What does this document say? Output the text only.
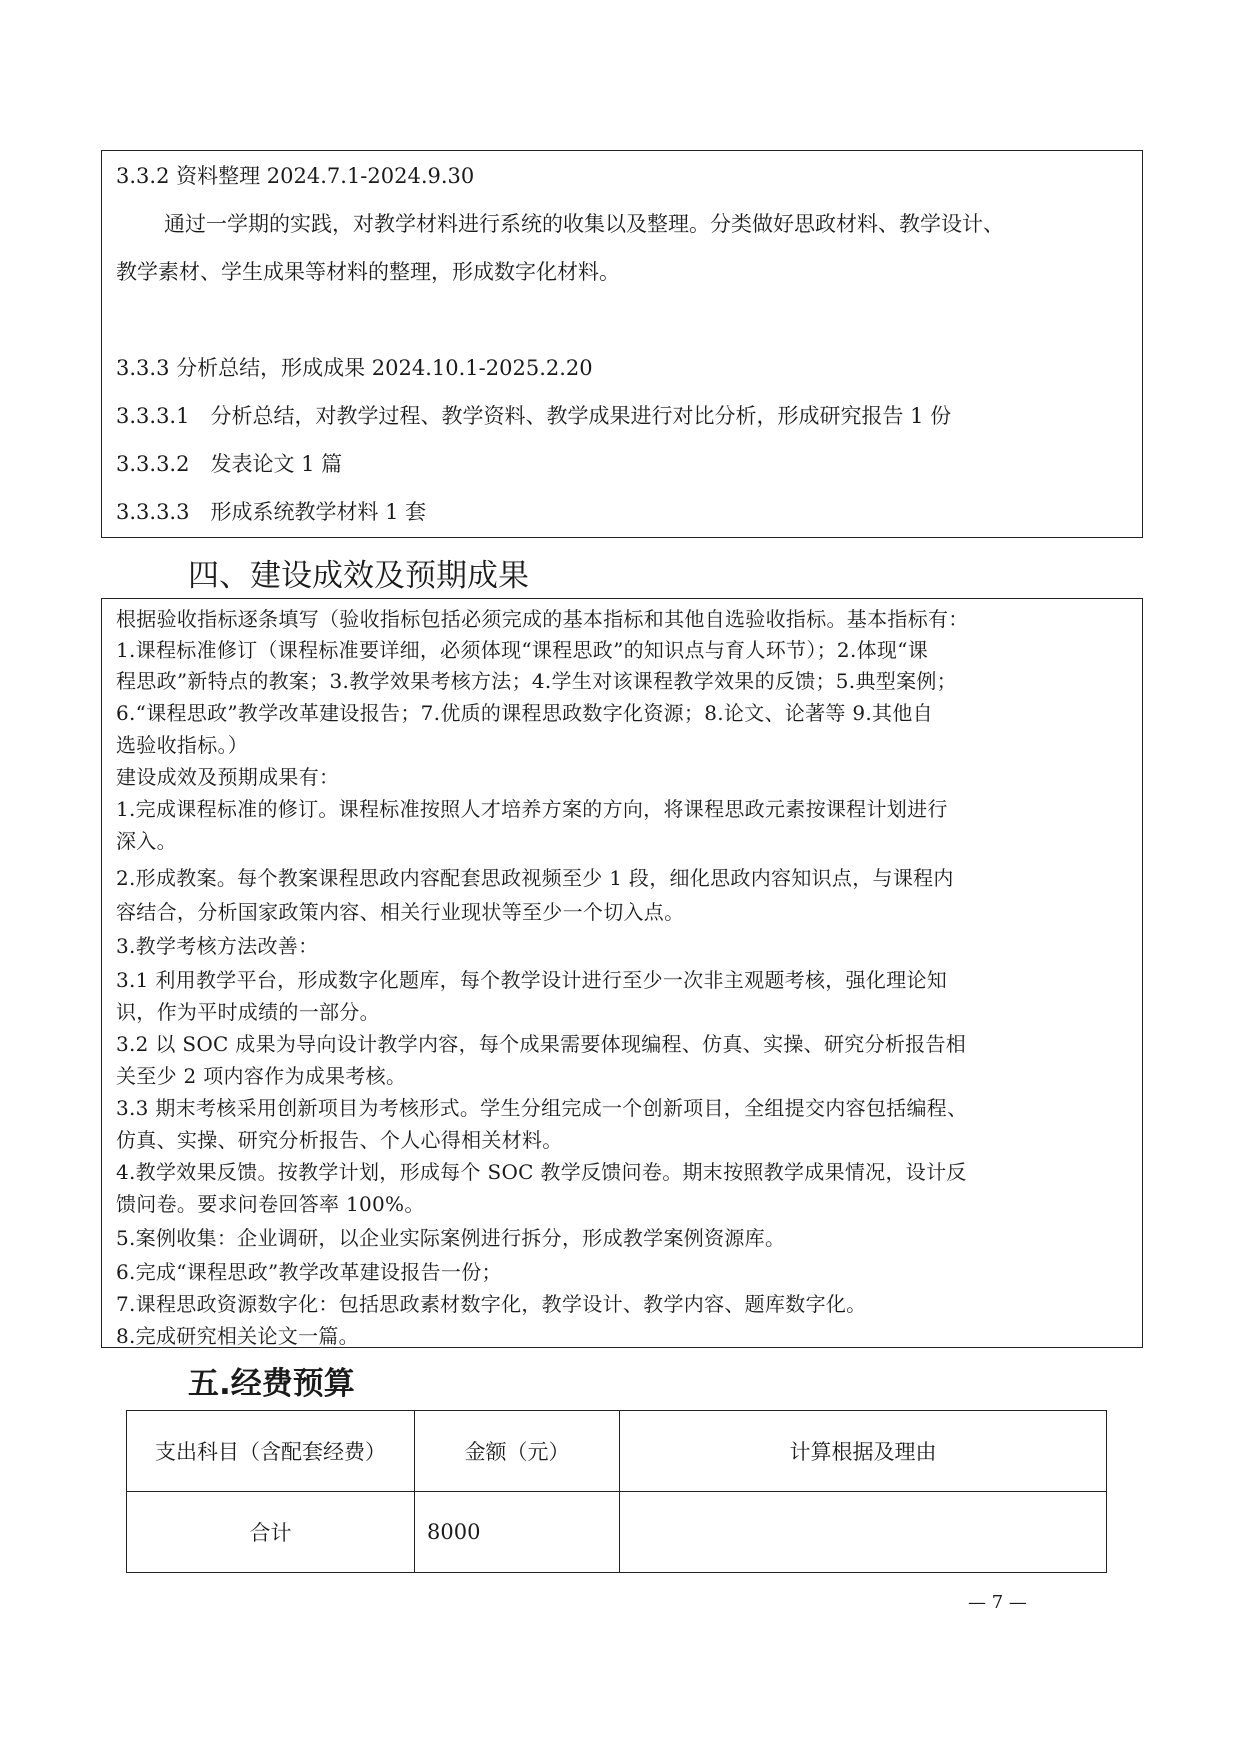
3.3.2 资料整理 2024.7.1-2024.9.30
通过一学期的实践，对教学材料进行系统的收集以及整理。分类做好思政材料、教学设计、
教学素材、学生成果等材料的整理，形成数字化材料。
3.3.3 分析总结，形成成果 2024.10.1-2025.2.20
3.3.3.1　分析总结，对教学过程、教学资料、教学成果进行对比分析，形成研究报告 1 份
3.3.3.2　发表论文 1 篇
3.3.3.3　形成系统教学材料 1 套
四、建设成效及预期成果
根据验收指标逐条填写（验收指标包括必须完成的基本指标和其他自选验收指标。基本指标有：
1.课程标准修订（课程标准要详细，必须体现“课程思政”的知识点与育人环节）；2.体现“课
程思政”新特点的教案；3.教学效果考核方法；4.学生对该课程教学效果的反馈；5.典型案例；
6.“课程思政”教学改革建设报告；7.优质的课程思政数字化资源；8.论文、论著等 9.其他自
选验收指标。）
建设成效及预期成果有：
1.完成课程标准的修订。课程标准按照人才培养方案的方向，将课程思政元素按课程计划进行
深入。
2.形成教案。每个教案课程思政内容配套思政视频至少 1 段，细化思政内容知识点，与课程内
容结合，分析国家政策内容、相关行业现状等至少一个切入点。
3.教学考核方法改善：
3.1 利用教学平台，形成数字化题库，每个教学设计进行至少一次非主观题考核，强化理论知
识，作为平时成绩的一部分。
3.2 以 SOC 成果为导向设计教学内容，每个成果需要体现编程、仿真、实操、研究分析报告相
关至少 2 项内容作为成果考核。
3.3 期末考核采用创新项目为考核形式。学生分组完成一个创新项目，全组提交内容包括编程、
仿真、实操、研究分析报告、个人心得相关材料。
4.教学效果反馈。按教学计划，形成每个 SOC 教学反馈问卷。期末按照教学成果情况，设计反
馈问卷。要求问卷回答率 100%。
5.案例收集：企业调研，以企业实际案例进行拆分，形成教学案例资源库。
6.完成“课程思政”教学改革建设报告一份；
7.课程思政资源数字化：包括思政素材数字化，教学设计、教学内容、题库数字化。
8.完成研究相关论文一篇。
五.经费预算
支出科目（含配套经费）	金额（元）	计算根据及理由
合计	8000	
— 7 —
